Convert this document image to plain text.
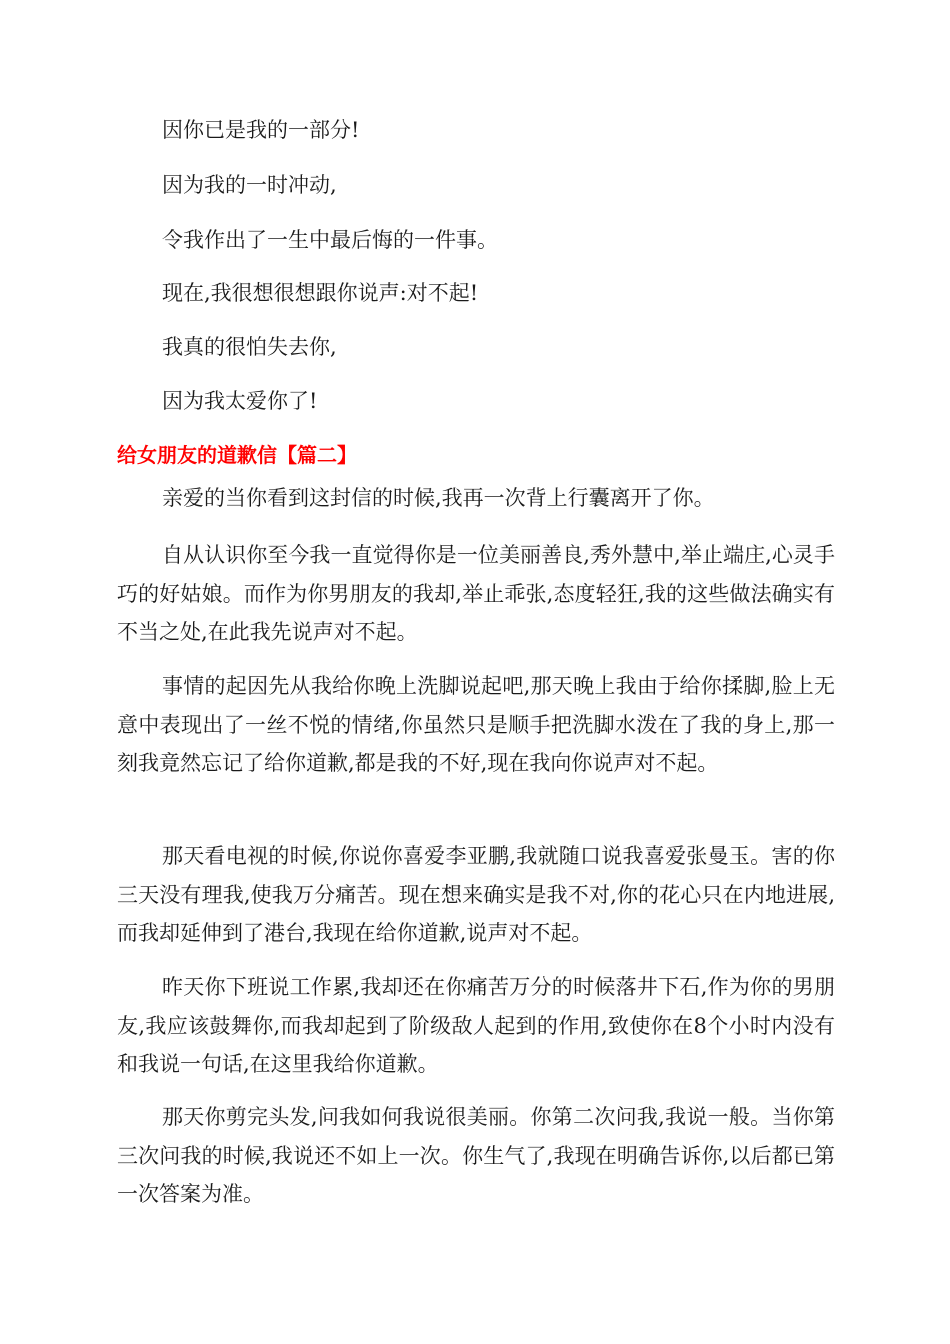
因你已是我的一部分!
因为我的一时冲动,
令我作出了一生中最后悔的一件事。
现在,我很想很想跟你说声:对不起!
我真的很怕失去你,
因为我太爱你了!
给女朋友的道歉信【篇二】

亲爱的当你看到这封信的时候,我再一次背上行囊离开了你。

自从认识你至今我一直觉得你是一位美丽善良,秀外慧中,举止端庄,心灵手巧的好姑娘。而作为你男朋友的我却,举止乖张,态度轻狂,我的这些做法确实有不当之处,在此我先说声对不起。

事情的起因先从我给你晚上洗脚说起吧,那天晚上我由于给你揉脚,脸上无意中表现出了一丝不悦的情绪,你虽然只是顺手把洗脚水泼在了我的身上,那一刻我竟然忘记了给你道歉,都是我的不好,现在我向你说声对不起。

那天看电视的时候,你说你喜爱李亚鹏,我就随口说我喜爱张曼玉。害的你三天没有理我,使我万分痛苦。现在想来确实是我不对,你的花心只在内地进展,而我却延伸到了港台,我现在给你道歉,说声对不起。

昨天你下班说工作累,我却还在你痛苦万分的时候落井下石,作为你的男朋友,我应该鼓舞你,而我却起到了阶级敌人起到的作用,致使你在8个小时内没有和我说一句话,在这里我给你道歉。

那天你剪完头发,问我如何我说很美丽。你第二次问我,我说一般。当你第三次问我的时候,我说还不如上一次。你生气了,我现在明确告诉你,以后都已第一次答案为准。
